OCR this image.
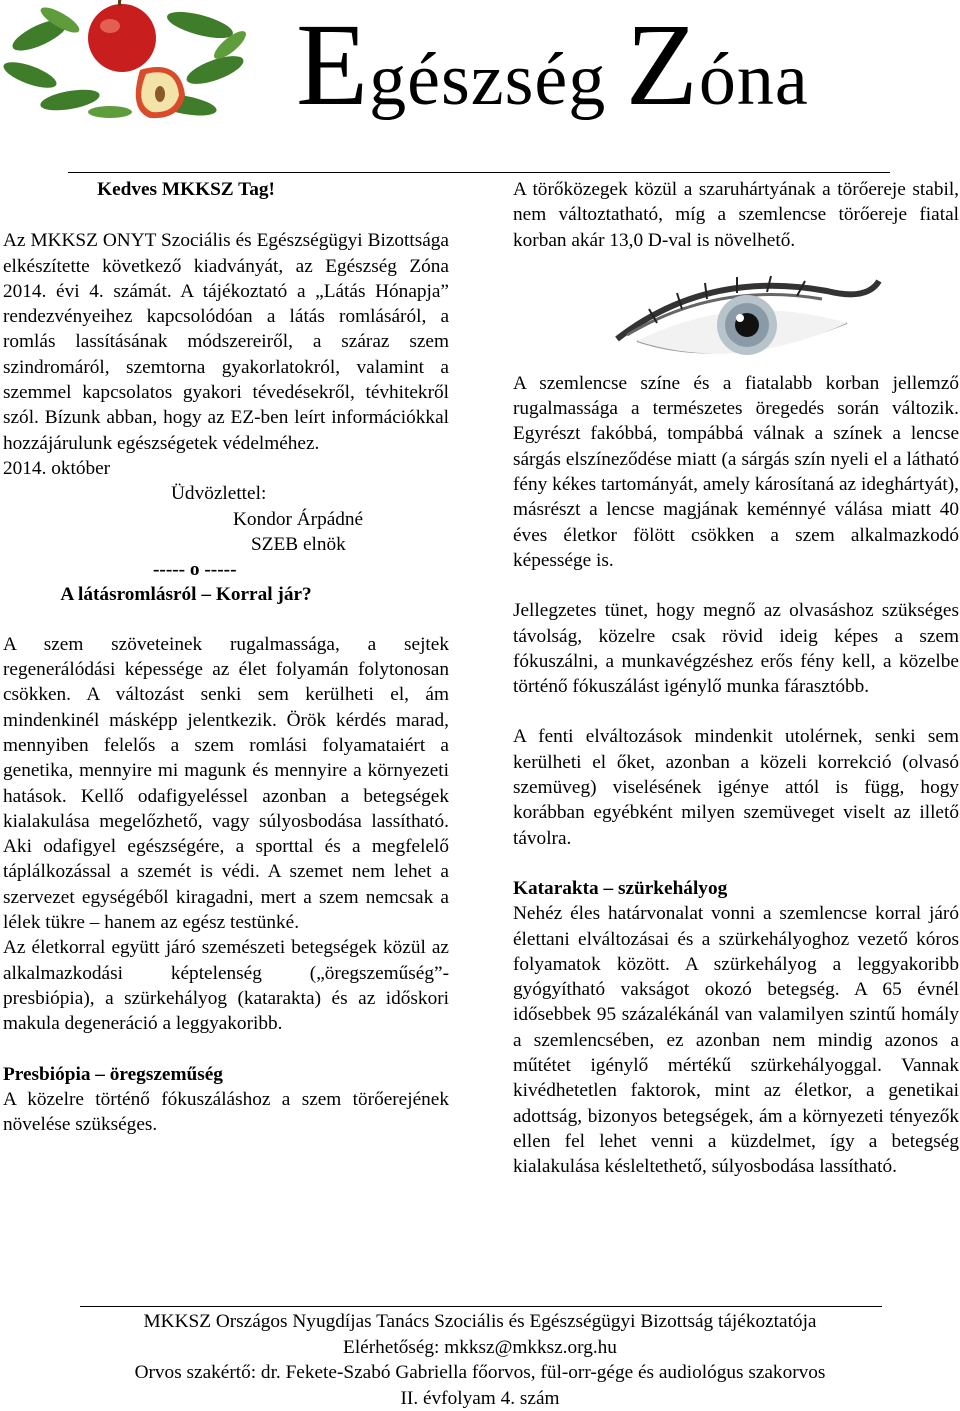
Egészség Zóna

Kedves MKKSZ Tag!

Az MKKSZ ONYT Szociális és Egészségügyi Bizottsága elkészítette következő kiadványát, az Egészség Zóna 2014. évi 4. számát. A tájékoztató a „Látás Hónapja” rendezvényeihez kapcsolódóan a látás romlásáról, a romlás lassításának módszereiről, a száraz szem szindromáról, szemtorna gyakorlatokról, valamint a szemmel kapcsolatos gyakori tévedésekről, tévhitekről szól. Bízunk abban, hogy az EZ-ben leírt információkkal hozzájárulunk egészségetek védelméhez.

2014. október

Üdvözlettel:

Kondor Árpádné

SZEB elnök

----- o -----

A látásromlásról – Korral jár?

A szem szöveteinek rugalmassága, a sejtek regenerálódási képessége az élet folyamán folytonosan csökken. A változást senki sem kerülheti el, ám mindenkinél másképp jelentkezik. Örök kérdés marad, mennyiben felelős a szem romlási folyamataiért a genetika, mennyire mi magunk és mennyire a környezeti hatások. Kellő odafigyeléssel azonban a betegségek kialakulása megelőzhető, vagy súlyosbodása lassítható. Aki odafigyel egészségére, a sporttal és a megfelelő táplálkozással a szemét is védi. A szemet nem lehet a szervezet egységéből kiragadni, mert a szem nemcsak a lélek tükre – hanem az egész testünké.

Az életkorral együtt járó szemészeti betegségek közül az alkalmazkodási képtelenség („öregszeműség”-presbiópia), a szürkehályog (katarakta) és az időskori makula degeneráció a leggyakoribb.

Presbiópia – öregszeműség

A közelre történő fókuszáláshoz a szem törőerejének növelése szükséges.

A törőközegek közül a szaruhártyának a törőereje stabil, nem változtatható, míg a szemlencse törőereje fiatal korban akár 13,0 D-val is növelhető.

A szemlencse színe és a fiatalabb korban jellemző rugalmassága a természetes öregedés során változik. Egyrészt fakóbbá, tompábbá válnak a színek a lencse sárgás elszíneződése miatt (a sárgás szín nyeli el a látható fény kékes tartományát, amely károsítaná az ideghártyát), másrészt a lencse magjának keménnyé válása miatt 40 éves életkor fölött csökken a szem alkalmazkodó képessége is.

Jellegzetes tünet, hogy megnő az olvasáshoz szükséges távolság, közelre csak rövid ideig képes a szem fókuszálni, a munkavégzéshez erős fény kell, a közelbe történő fókuszálást igénylő munka fárasztóbb.

A fenti elváltozások mindenkit utolérnek, senki sem kerülheti el őket, azonban a közeli korrekció (olvasó szemüveg) viselésének igénye attól is függ, hogy korábban egyébként milyen szemüveget viselt az illető távolra.

Katarakta – szürkehályog

Nehéz éles határvonalat vonni a szemlencse korral járó élettani elváltozásai és a szürkehályoghoz vezető kóros folyamatok között. A szürkehályog a leggyakoribb gyógyítható vakságot okozó betegség. A 65 évnél idősebbek 95 százalékánál van valamilyen szintű homály a szemlencsében, ez azonban nem mindig azonos a műtétet igénylő mértékű szürkehályoggal. Vannak kivédhetetlen faktorok, mint az életkor, a genetikai adottság, bizonyos betegségek, ám a környezeti tényezők ellen fel lehet venni a küzdelmet, így a betegség kialakulása késleltethető, súlyosbodása lassítható.

MKKSZ Országos Nyugdíjas Tanács Szociális és Egészségügyi Bizottság tájékoztatója
Elérhetőség: mkksz@mkksz.org.hu
Orvos szakértő: dr. Fekete-Szabó Gabriella főorvos, fül-orr-gége és audiológus szakorvos
II. évfolyam 4. szám
